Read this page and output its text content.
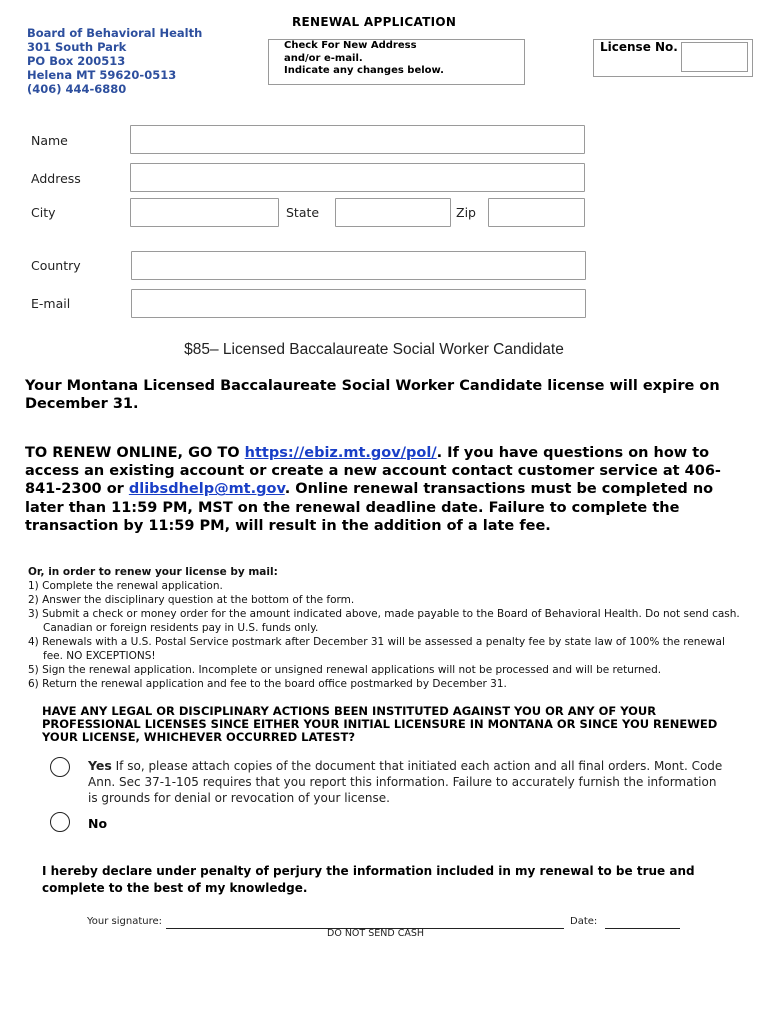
Board of Behavioral Health
301 South Park
PO Box 200513
Helena MT 59620-0513
(406) 444-6880
RENEWAL APPLICATION
Check For New Address
and/or e-mail.
Indicate any changes below.
License No.
Name
Address
City	State	Zip
Country
E-mail
$85– Licensed Baccalaureate Social Worker Candidate
Your Montana Licensed Baccalaureate Social Worker Candidate license will expire on December 31.
TO RENEW ONLINE, GO TO https://ebiz.mt.gov/pol/. If you have questions on how to access an existing account or create a new account contact customer service at 406-841-2300 or dlibsdhelp@mt.gov. Online renewal transactions must be completed no later than 11:59 PM, MST on the renewal deadline date. Failure to complete the transaction by 11:59 PM, will result in the addition of a late fee.
Or, in order to renew your license by mail:
1) Complete the renewal application.
2) Answer the disciplinary question at the bottom of the form.
3) Submit a check or money order for the amount indicated above, made payable to the Board of Behavioral Health. Do not send cash. Canadian or foreign residents pay in U.S. funds only.
4) Renewals with a U.S. Postal Service postmark after December 31 will be assessed a penalty fee by state law of 100% the renewal fee. NO EXCEPTIONS!
5) Sign the renewal application. Incomplete or unsigned renewal applications will not be processed and will be returned.
6) Return the renewal application and fee to the board office postmarked by December 31.
HAVE ANY LEGAL OR DISCIPLINARY ACTIONS BEEN INSTITUTED AGAINST YOU OR ANY OF YOUR PROFESSIONAL LICENSES SINCE EITHER YOUR INITIAL LICENSURE IN MONTANA OR SINCE YOU RENEWED YOUR LICENSE, WHICHEVER OCCURRED LATEST?
Yes If so, please attach copies of the document that initiated each action and all final orders. Mont. Code Ann. Sec 37-1-105 requires that you report this information. Failure to accurately furnish the information is grounds for denial or revocation of your license.
No
I hereby declare under penalty of perjury the information included in my renewal to be true and complete to the best of my knowledge.
Your signature:	Date:
DO NOT SEND CASH
